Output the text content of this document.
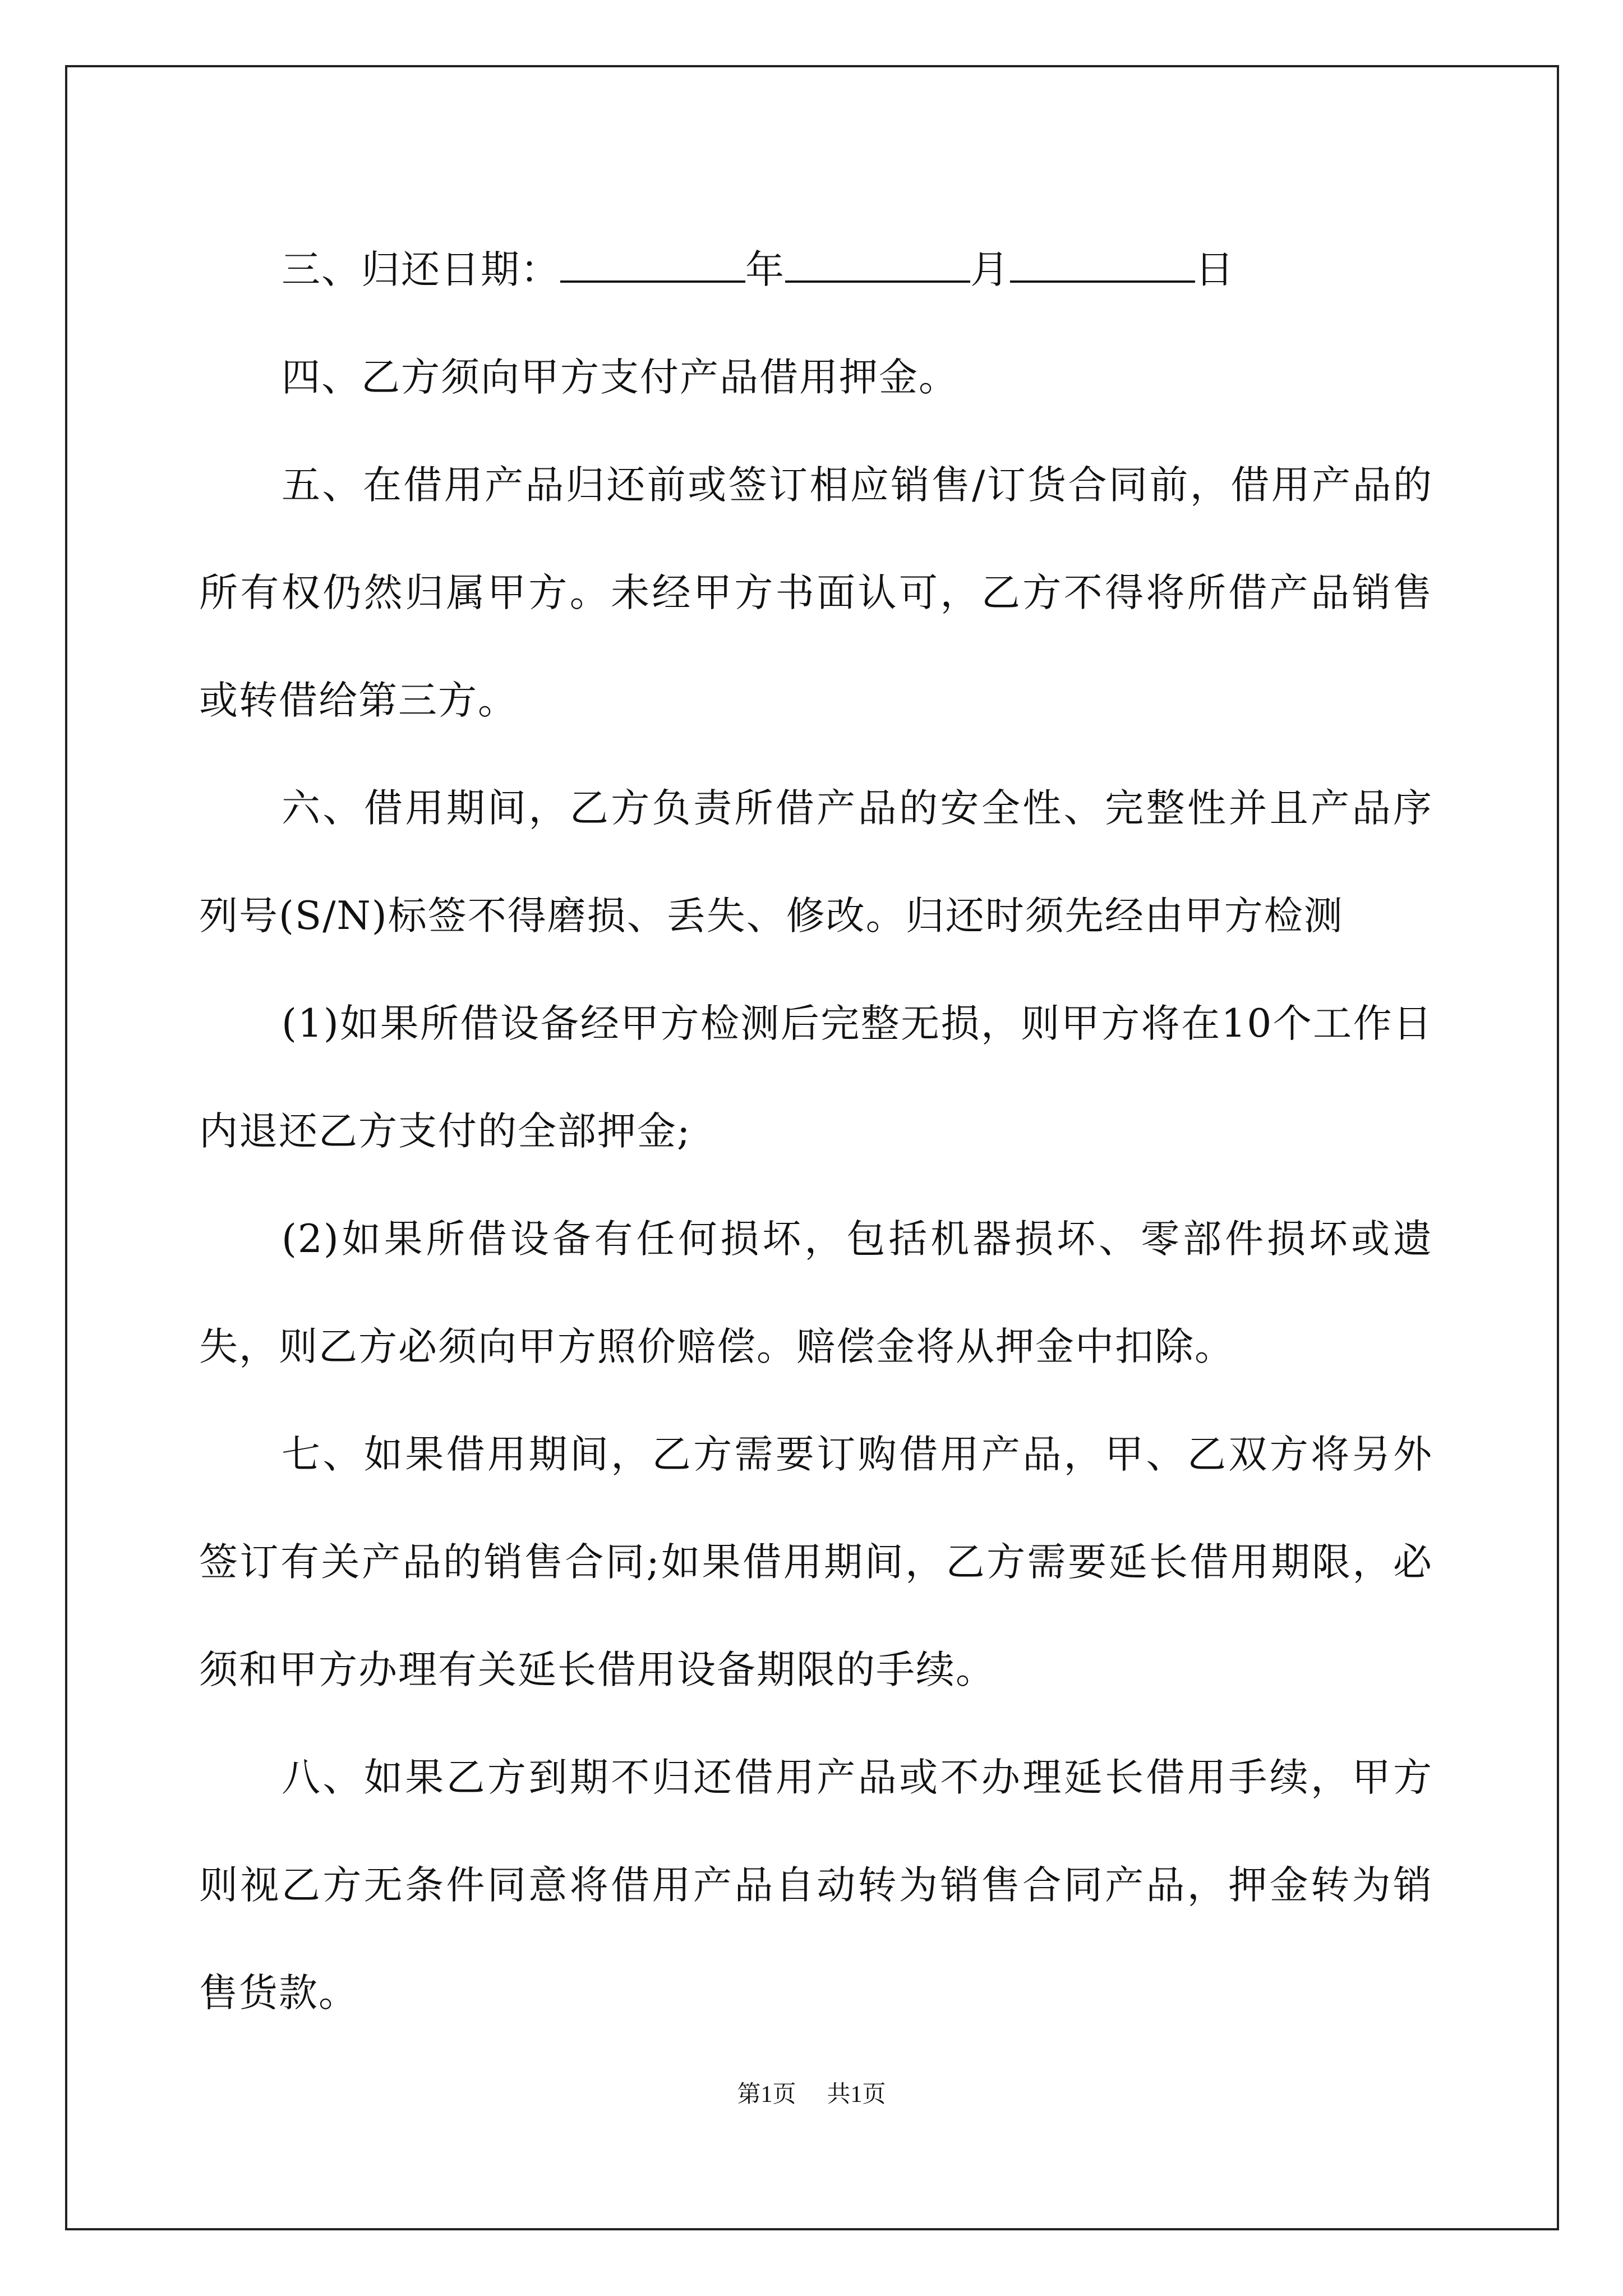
三、归还日期：	年	月	日

四、乙方须向甲方支付产品借用押金。

五、在借用产品归还前或签订相应销售/订货合同前，借用产品的所有权仍然归属甲方。未经甲方书面认可，乙方不得将所借产品销售或转借给第三方。

六、借用期间，乙方负责所借产品的安全性、完整性并且产品序列号(S/N)标签不得磨损、丢失、修改。归还时须先经由甲方检测

(1)如果所借设备经甲方检测后完整无损，则甲方将在10个工作日内退还乙方支付的全部押金;

(2)如果所借设备有任何损坏，包括机器损坏、零部件损坏或遗失，则乙方必须向甲方照价赔偿。赔偿金将从押金中扣除。

七、如果借用期间，乙方需要订购借用产品，甲、乙双方将另外签订有关产品的销售合同;如果借用期间，乙方需要延长借用期限，必须和甲方办理有关延长借用设备期限的手续。

八、如果乙方到期不归还借用产品或不办理延长借用手续，甲方则视乙方无条件同意将借用产品自动转为销售合同产品，押金转为销售货款。

第1页 共1页
